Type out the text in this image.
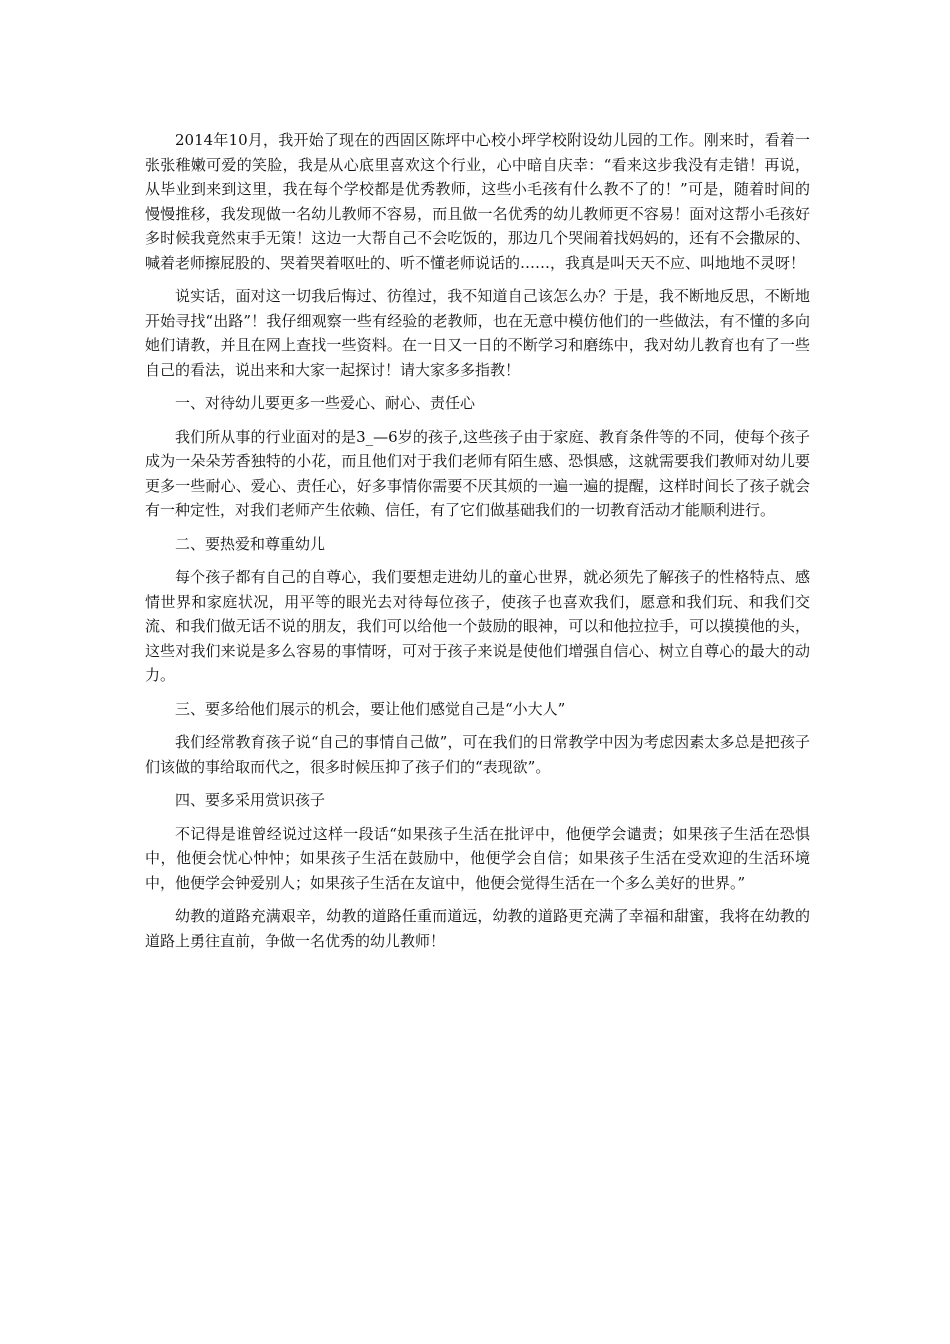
2014年10月，我开始了现在的西固区陈坪中心校小坪学校附设幼儿园的工作。刚来时，看着一张张稚嫩可爱的笑脸，我是从心底里喜欢这个行业，心中暗自庆幸：“看来这步我没有走错！再说，从毕业到来到这里，我在每个学校都是优秀教师，这些小毛孩有什么教不了的！”可是，随着时间的慢慢推移，我发现做一名幼儿教师不容易，而且做一名优秀的幼儿教师更不容易！面对这帮小毛孩好多时候我竟然束手无策！这边一大帮自己不会吃饭的，那边几个哭闹着找妈妈的，还有不会撒尿的、喊着老师擦屁股的、哭着哭着呕吐的、听不懂老师说话的……，我真是叫天天不应、叫地地不灵呀！

说实话，面对这一切我后悔过、彷徨过，我不知道自己该怎么办？于是，我不断地反思，不断地开始寻找“出路”！我仔细观察一些有经验的老教师，也在无意中模仿他们的一些做法，有不懂的多向她们请教，并且在网上查找一些资料。在一日又一日的不断学习和磨练中，我对幼儿教育也有了一些自己的看法，说出来和大家一起探讨！请大家多多指教！

一、对待幼儿要更多一些爱心、耐心、责任心

我们所从事的行业面对的是3_—6岁的孩子,这些孩子由于家庭、教育条件等的不同，使每个孩子成为一朵朵芳香独特的小花，而且他们对于我们老师有陌生感、恐惧感，这就需要我们教师对幼儿要更多一些耐心、爱心、责任心，好多事情你需要不厌其烦的一遍一遍的提醒，这样时间长了孩子就会有一种定性，对我们老师产生依赖、信任，有了它们做基础我们的一切教育活动才能顺利进行。

二、要热爱和尊重幼儿

每个孩子都有自己的自尊心，我们要想走进幼儿的童心世界，就必须先了解孩子的性格特点、感情世界和家庭状况，用平等的眼光去对待每位孩子，使孩子也喜欢我们，愿意和我们玩、和我们交流、和我们做无话不说的朋友，我们可以给他一个鼓励的眼神，可以和他拉拉手，可以摸摸他的头，这些对我们来说是多么容易的事情呀，可对于孩子来说是使他们增强自信心、树立自尊心的最大的动力。

三、要多给他们展示的机会，要让他们感觉自己是“小大人”

我们经常教育孩子说“自己的事情自己做”，可在我们的日常教学中因为考虑因素太多总是把孩子们该做的事给取而代之，很多时候压抑了孩子们的“表现欲”。

四、要多采用赏识孩子

不记得是谁曾经说过这样一段话“如果孩子生活在批评中，他便学会谴责；如果孩子生活在恐惧中，他便会忧心忡忡；如果孩子生活在鼓励中，他便学会自信；如果孩子生活在受欢迎的生活环境中，他便学会钟爱别人；如果孩子生活在友谊中，他便会觉得生活在一个多么美好的世界。”

幼教的道路充满艰辛，幼教的道路任重而道远，幼教的道路更充满了幸福和甜蜜，我将在幼教的道路上勇往直前，争做一名优秀的幼儿教师！
